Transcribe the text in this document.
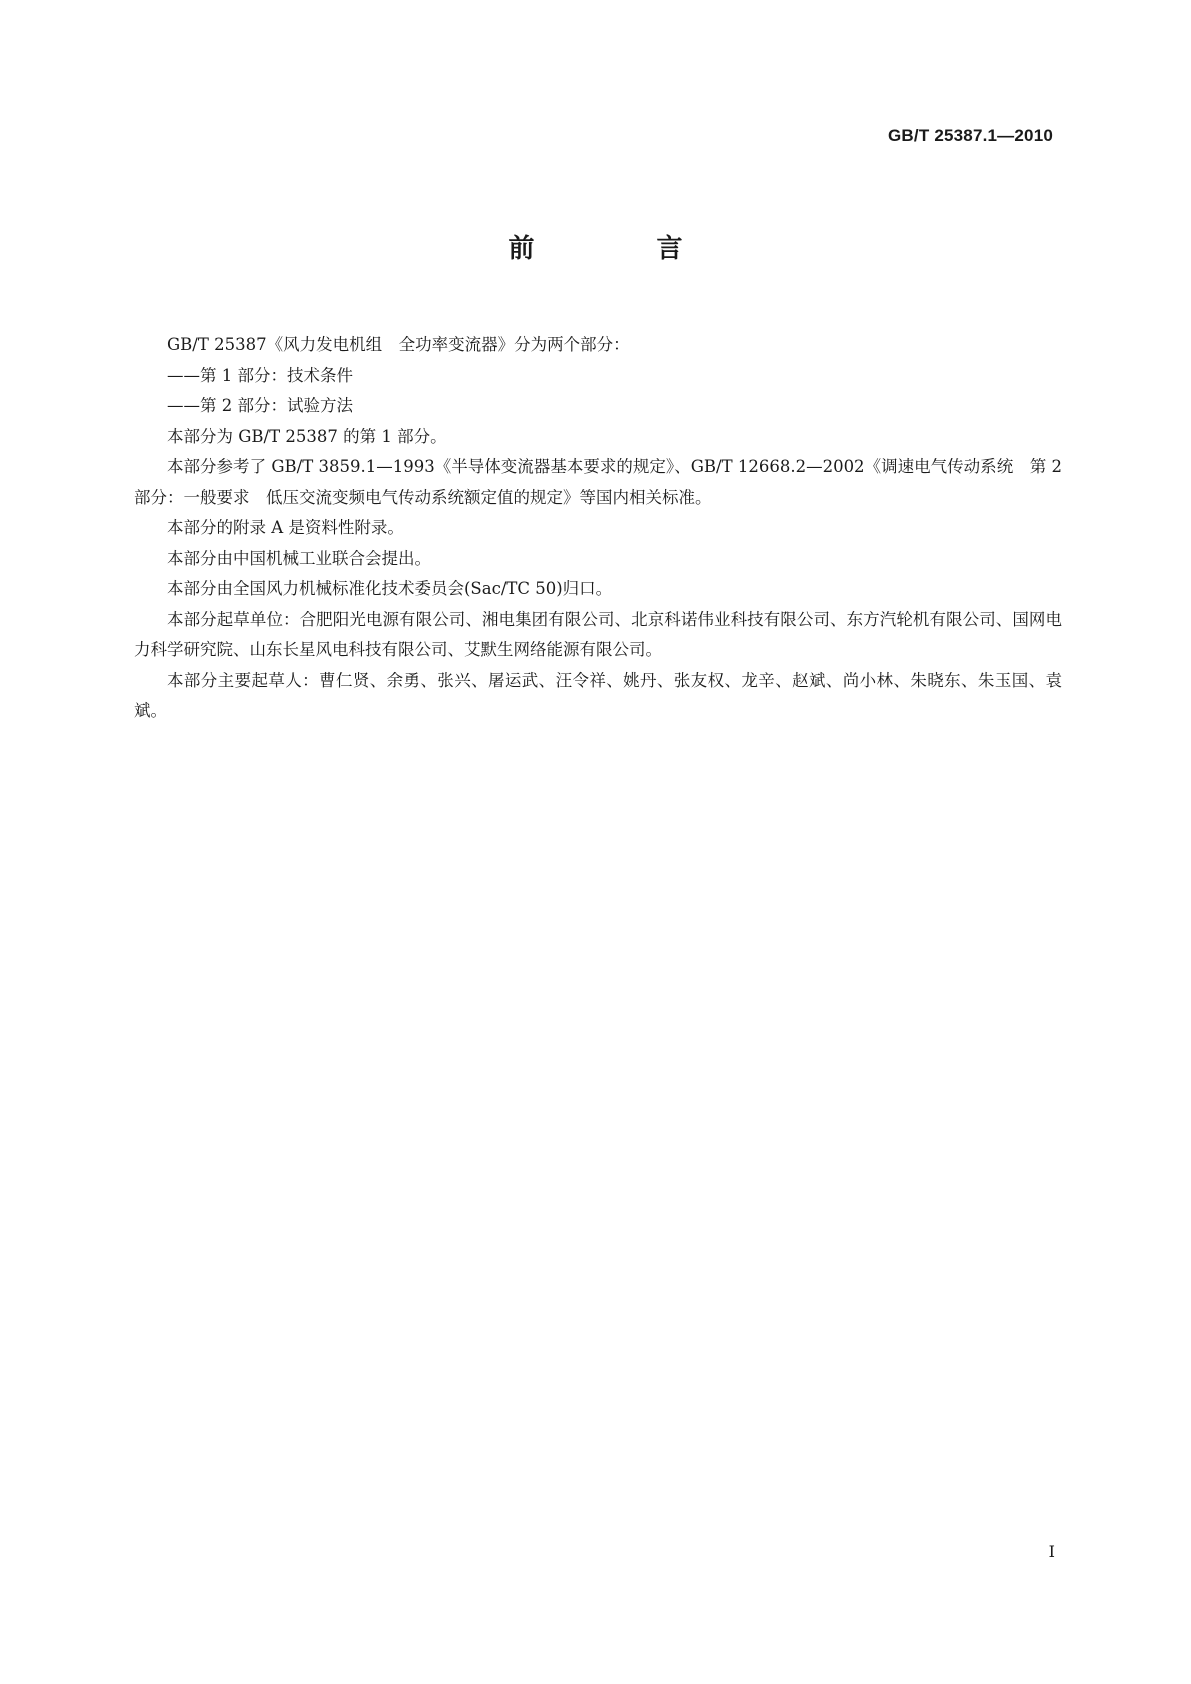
GB/T 25387.1—2010
前　言

GB/T 25387《风力发电机组　全功率变流器》分为两个部分：

——第 1 部分：技术条件

——第 2 部分：试验方法

本部分为 GB/T 25387 的第 1 部分。

本部分参考了 GB/T 3859.1—1993《半导体变流器基本要求的规定》、GB/T 12668.2—2002《调速电气传动系统　第 2 部分：一般要求　低压交流变频电气传动系统额定值的规定》等国内相关标准。

本部分的附录 A 是资料性附录。

本部分由中国机械工业联合会提出。

本部分由全国风力机械标准化技术委员会(Sac/TC 50)归口。

本部分起草单位：合肥阳光电源有限公司、湘电集团有限公司、北京科诺伟业科技有限公司、东方汽轮机有限公司、国网电力科学研究院、山东长星风电科技有限公司、艾默生网络能源有限公司。

本部分主要起草人：曹仁贤、余勇、张兴、屠运武、汪令祥、姚丹、张友权、龙辛、赵斌、尚小林、朱晓东、朱玉国、袁斌。

I
